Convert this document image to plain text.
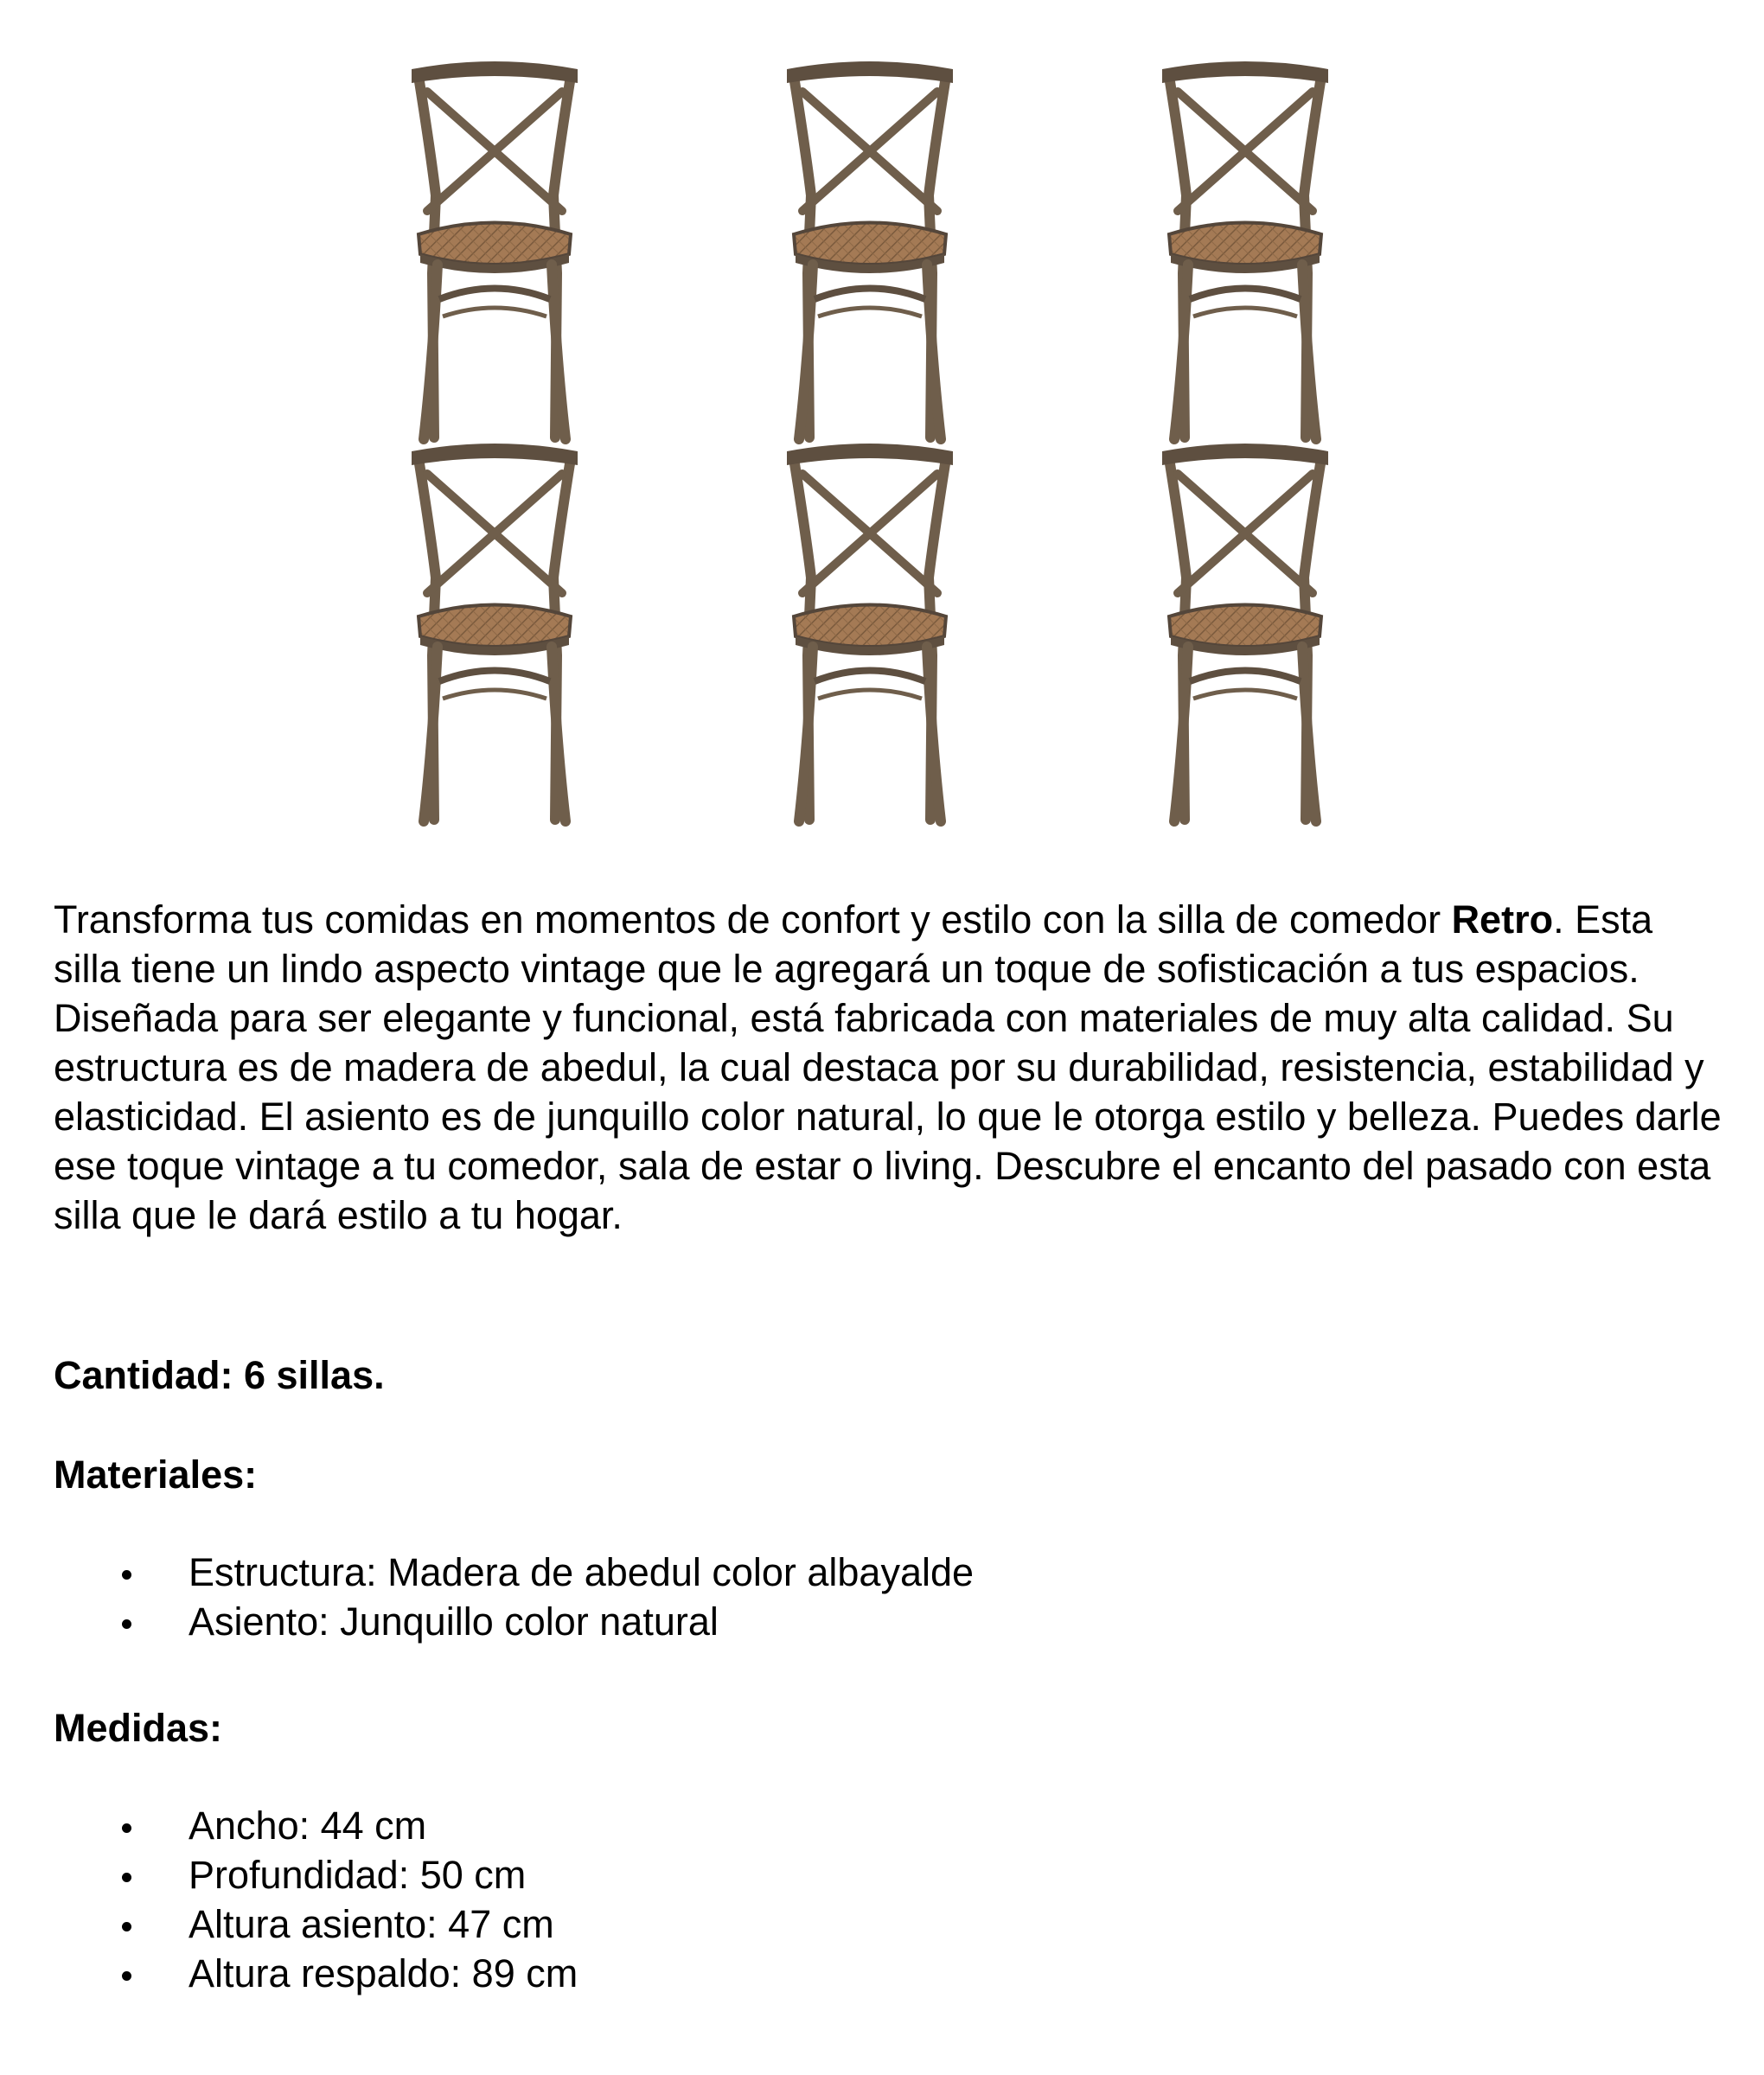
Transforma tus comidas en momentos de confort y estilo con la silla de comedor Retro. Esta silla tiene un lindo aspecto vintage que le agregará un toque de sofisticación a tus espacios. Diseñada para ser elegante y funcional, está fabricada con materiales de muy alta calidad. Su estructura es de madera de abedul, la cual destaca por su durabilidad, resistencia, estabilidad y elasticidad. El asiento es de junquillo color natural, lo que le otorga estilo y belleza. Puedes darle ese toque vintage a tu comedor, sala de estar o living. Descubre el encanto del pasado con esta silla que le dará estilo a tu hogar.

Cantidad: 6 sillas.

Materiales:

Estructura: Madera de abedul color albayalde
Asiento: Junquillo color natural

Medidas:

Ancho: 44 cm
Profundidad: 50 cm
Altura asiento: 47 cm
Altura respaldo: 89 cm
